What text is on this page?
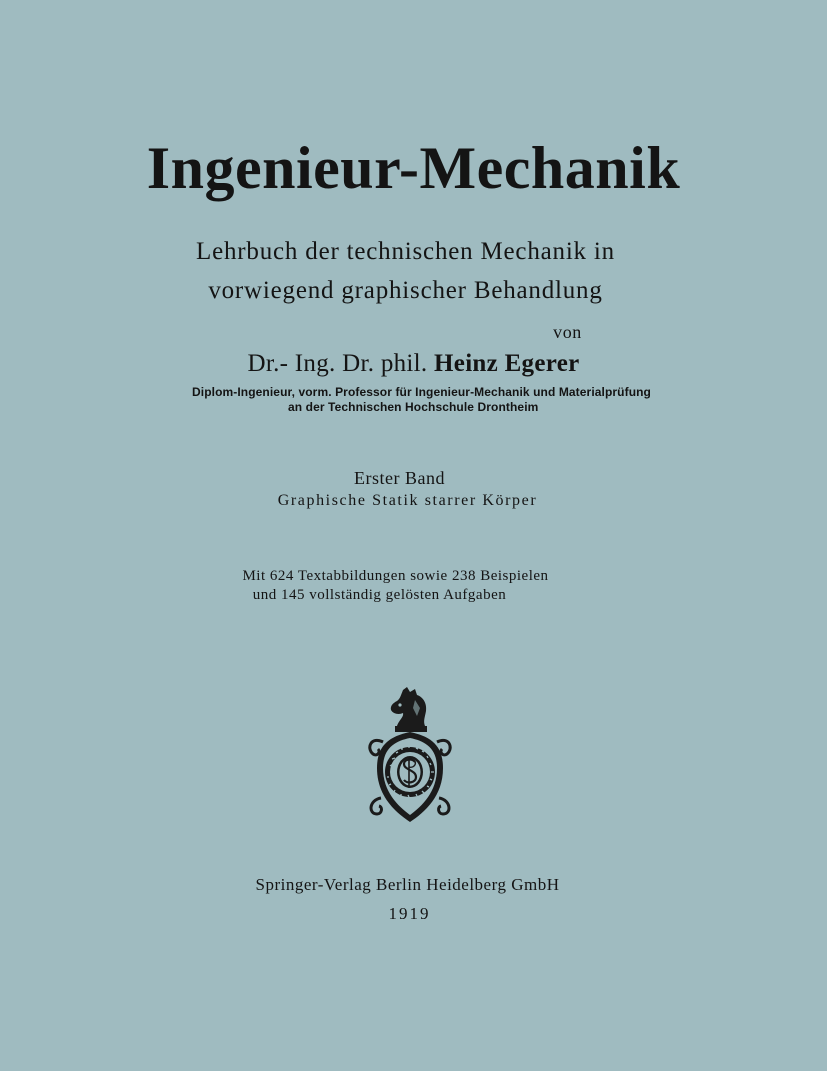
Ingenieur-Mechanik
Lehrbuch der technischen Mechanik in
vorwiegend graphischer Behandlung
von
Dr.- Ing. Dr. phil. Heinz Egerer
Diplom-Ingenieur, vorm. Professor für Ingenieur-Mechanik und Materialprüfung
an der Technischen Hochschule Drontheim
Erster Band
Graphische Statik starrer Körper
Mit 624 Textabbildungen sowie 238 Beispielen
und 145 vollständig gelösten Aufgaben
Springer-Verlag Berlin Heidelberg GmbH
1919
